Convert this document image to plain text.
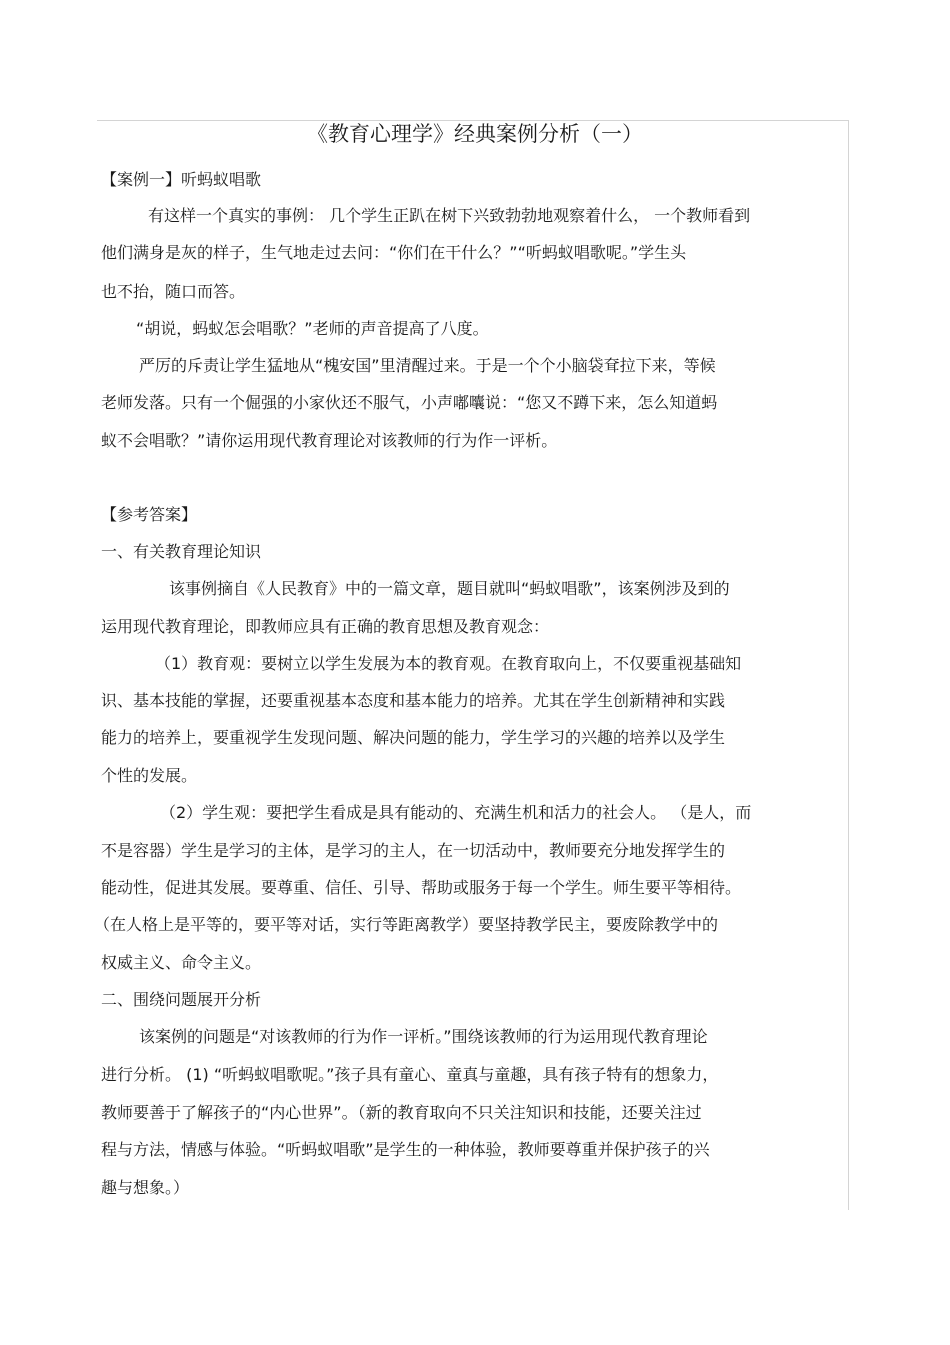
《教育心理学》经典案例分析（一）
【案例一】听蚂蚁唱歌
有这样一个真实的事例： 几个学生正趴在树下兴致勃勃地观察着什么， 一个教师看到
他们满身是灰的样子，生气地走过去问：“你们在干什么？”“听蚂蚁唱歌呢。”学生头
也不抬，随口而答。
“胡说，蚂蚁怎会唱歌？”老师的声音提高了八度。
严厉的斥责让学生猛地从“槐安国”里清醒过来。于是一个个小脑袋耷拉下来，等候
老师发落。只有一个倔强的小家伙还不服气，小声嘟囔说：“您又不蹲下来，怎么知道蚂
蚁不会唱歌？”请你运用现代教育理论对该教师的行为作一评析。
【参考答案】
一、有关教育理论知识
该事例摘自《人民教育》中的一篇文章，题目就叫“蚂蚁唱歌”，该案例涉及到的
运用现代教育理论，即教师应具有正确的教育思想及教育观念：
（1）教育观：要树立以学生发展为本的教育观。在教育取向上，不仅要重视基础知
识、基本技能的掌握，还要重视基本态度和基本能力的培养。尤其在学生创新精神和实践
能力的培养上，要重视学生发现问题、解决问题的能力，学生学习的兴趣的培养以及学生
个性的发展。
（2）学生观：要把学生看成是具有能动的、充满生机和活力的社会人。 （是人，而
不是容器）学生是学习的主体，是学习的主人，在一切活动中，教师要充分地发挥学生的
能动性，促进其发展。要尊重、信任、引导、帮助或服务于每一个学生。师生要平等相待。
（在人格上是平等的，要平等对话，实行等距离教学）要坚持教学民主，要废除教学中的
权威主义、命令主义。
二、围绕问题展开分析
该案例的问题是“对该教师的行为作一评析。”围绕该教师的行为运用现代教育理论
进行分析。 (1) “听蚂蚁唱歌呢。”孩子具有童心、童真与童趣，具有孩子特有的想象力，
教师要善于了解孩子的“内心世界”。（新的教育取向不只关注知识和技能，还要关注过
程与方法，情感与体验。“听蚂蚁唱歌”是学生的一种体验，教师要尊重并保护孩子的兴
趣与想象。）
